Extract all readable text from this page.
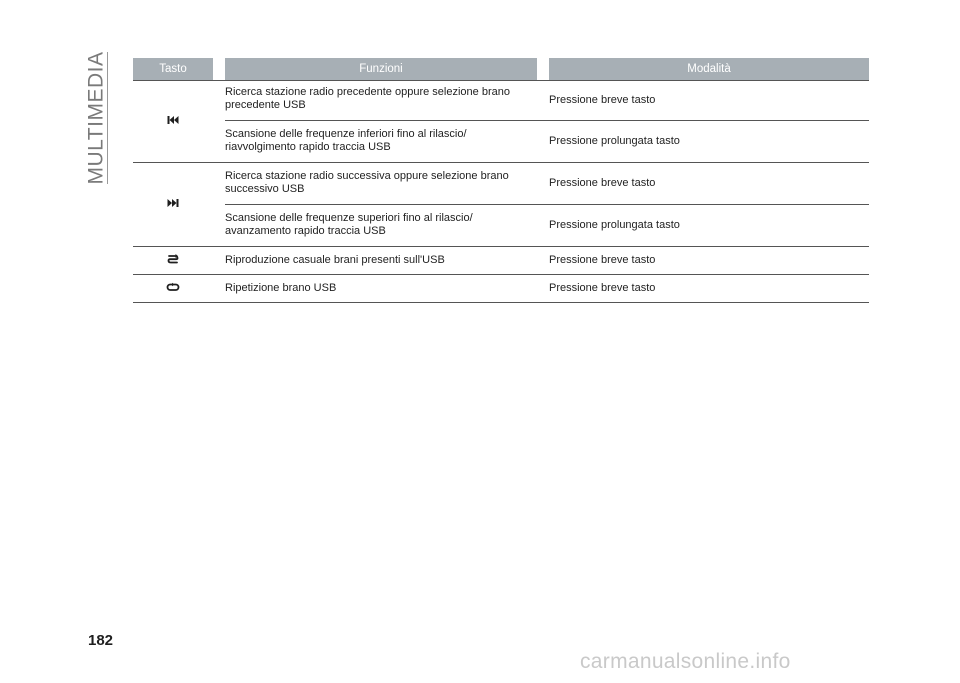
MULTIMEDIA	Tasto		Funzioni		Modalità
		Ricerca stazione radio precedente oppure selezione brano precedente USB		Pressione breve tasto
		Scansione delle frequenze inferiori fino al rilascio/ riavvolgimento rapido traccia USB		Pressione prolungata tasto
		Ricerca stazione radio successiva oppure selezione brano successivo USB		Pressione breve tasto
		Scansione delle frequenze superiori fino al rilascio/ avanzamento rapido traccia USB		Pressione prolungata tasto
		Riproduzione casuale brani presenti sull'USB		Pressione breve tasto
		Ripetizione brano USB		Pressione breve tasto
182
carmanualsonline.info
